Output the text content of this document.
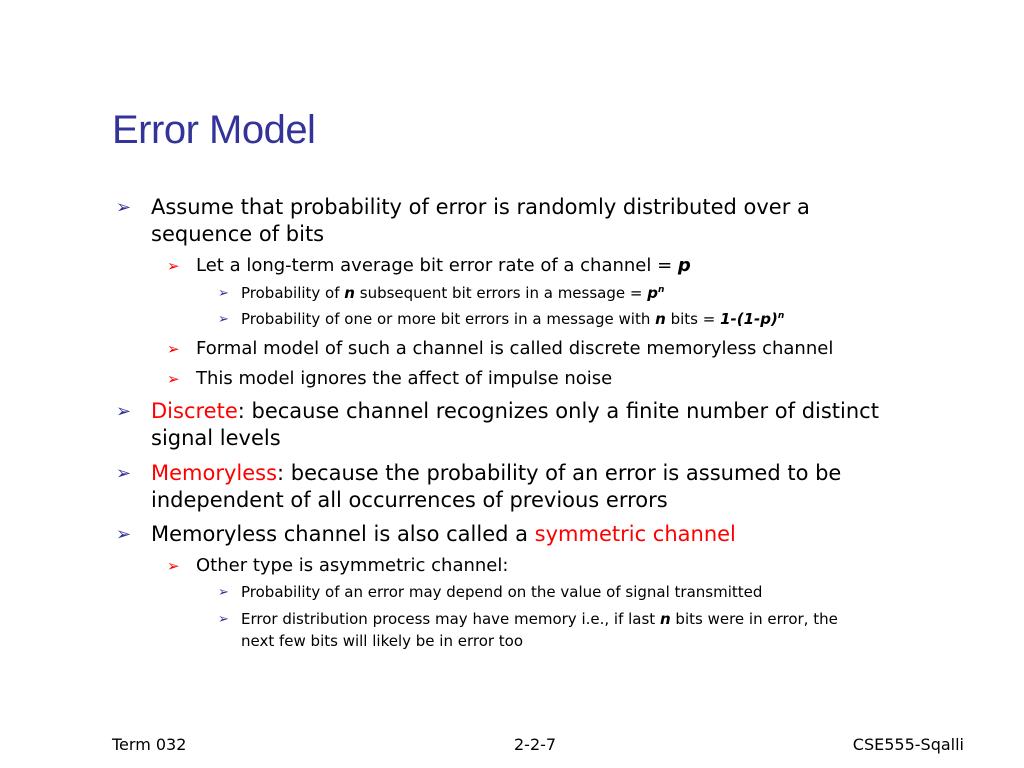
Error Model
➢ Assume that probability of error is randomly distributed over a
sequence of bits
➢ Let a long-term average bit error rate of a channel = p
➢ Probability of n subsequent bit errors in a message = $p^n$
➢ Probability of one or more bit errors in a message with n bits = $1-(1-p)^n$
➢ Formal model of such a channel is called discrete memoryless channel
➢ This model ignores the affect of impulse noise
➢ Discrete: because channel recognizes only a finite number of distinct
signal levels
➢ Memoryless: because the probability of an error is assumed to be
independent of all occurrences of previous errors
➢ Memoryless channel is also called a symmetric channel
➢ Other type is asymmetric channel:
➢ Probability of an error may depend on the value of signal transmitted
➢ Error distribution process may have memory i.e., if last n bits were in error, the
next few bits will likely be in error too
Term 032	2-2-7	CSE555-Sqalli
